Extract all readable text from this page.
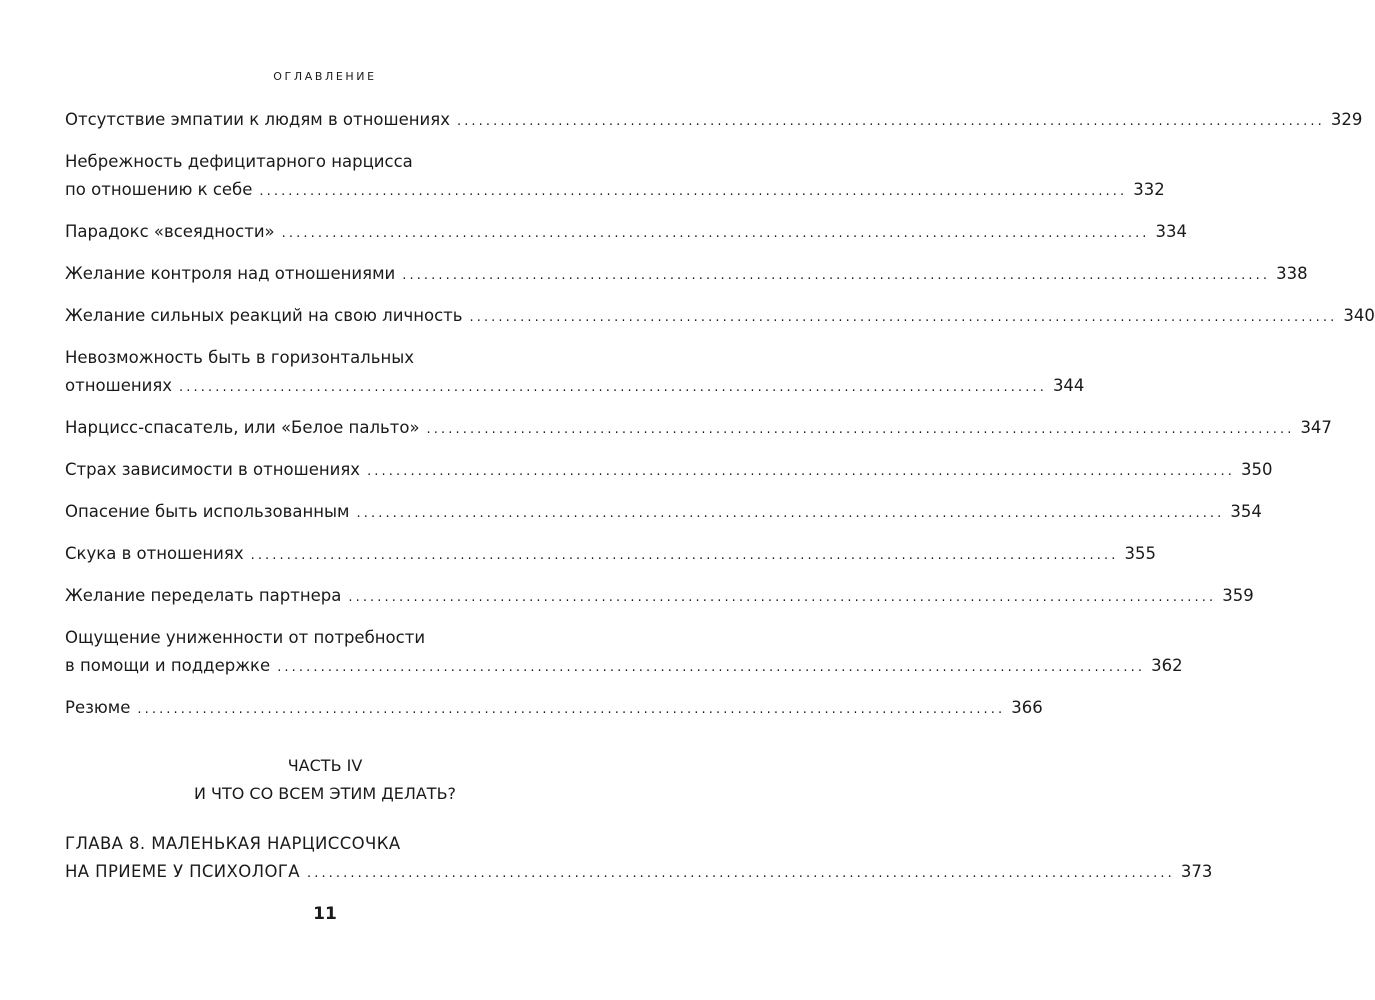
ОГЛАВЛЕНИЕ
Отсутствие эмпатии к людям в отношениях ........................................................................................................................ 329
Небрежность дефицитарного нарцисса
по отношению к себе ........................................................................................................................ 332
Парадокс «всеядности» ........................................................................................................................ 334
Желание контроля над отношениями ........................................................................................................................ 338
Желание сильных реакций на свою личность ........................................................................................................................ 340
Невозможность быть в горизонтальных
отношениях ........................................................................................................................ 344
Нарцисс-спасатель, или «Белое пальто» ........................................................................................................................ 347
Страх зависимости в отношениях ........................................................................................................................ 350
Опасение быть использованным ........................................................................................................................ 354
Скука в отношениях ........................................................................................................................ 355
Желание переделать партнера ........................................................................................................................ 359
Ощущение униженности от потребности
в помощи и поддержке ........................................................................................................................ 362
Резюме ........................................................................................................................ 366
ЧАСТЬ IV
И ЧТО СО ВСЕМ ЭТИМ ДЕЛАТЬ?
ГЛАВА 8. МАЛЕНЬКАЯ НАРЦИССОЧКА
НА ПРИЕМЕ У ПСИХОЛОГА ........................................................................................................................ 373
11
